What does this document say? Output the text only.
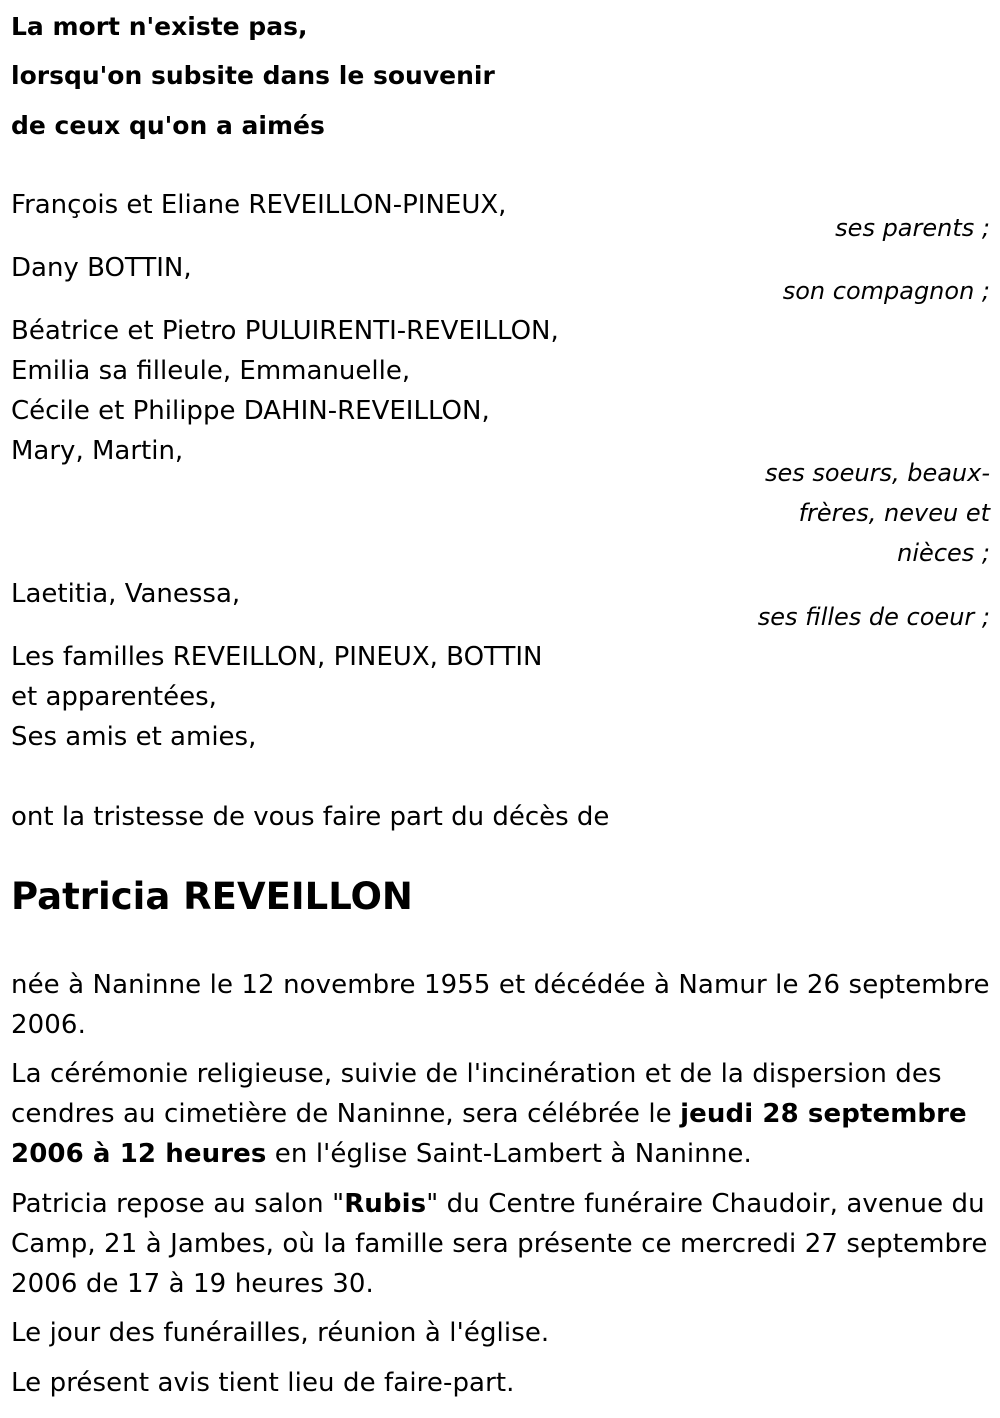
La mort n'existe pas,

lorsqu'on subsite dans le souvenir

de ceux qu'on a aimés

François et Eliane REVEILLON-PINEUX,

ses parents ;

Dany BOTTIN,

son compagnon ;

Béatrice et Pietro PULUIRENTI-REVEILLON,

Emilia sa filleule, Emmanuelle,

Cécile et Philippe DAHIN-REVEILLON,

Mary, Martin,

ses soeurs, beaux-
frères, neveu et
nièces ;

Laetitia, Vanessa,

ses filles de coeur ;

Les familles REVEILLON, PINEUX, BOTTIN

et apparentées,

Ses amis et amies,

ont la tristesse de vous faire part du décès de

Patricia REVEILLON

née à Naninne le 12 novembre 1955 et décédée à Namur le 26 septembre 2006.

La cérémonie religieuse, suivie de l'incinération et de la dispersion des cendres au cimetière de Naninne, sera célébrée le jeudi 28 septembre 2006 à 12 heures en l'église Saint-Lambert à Naninne.

Patricia repose au salon "Rubis" du Centre funéraire Chaudoir, avenue du Camp, 21 à Jambes, où la famille sera présente ce mercredi 27 septembre 2006 de 17 à 19 heures 30.

Le jour des funérailles, réunion à l'église.

Le présent avis tient lieu de faire-part.
